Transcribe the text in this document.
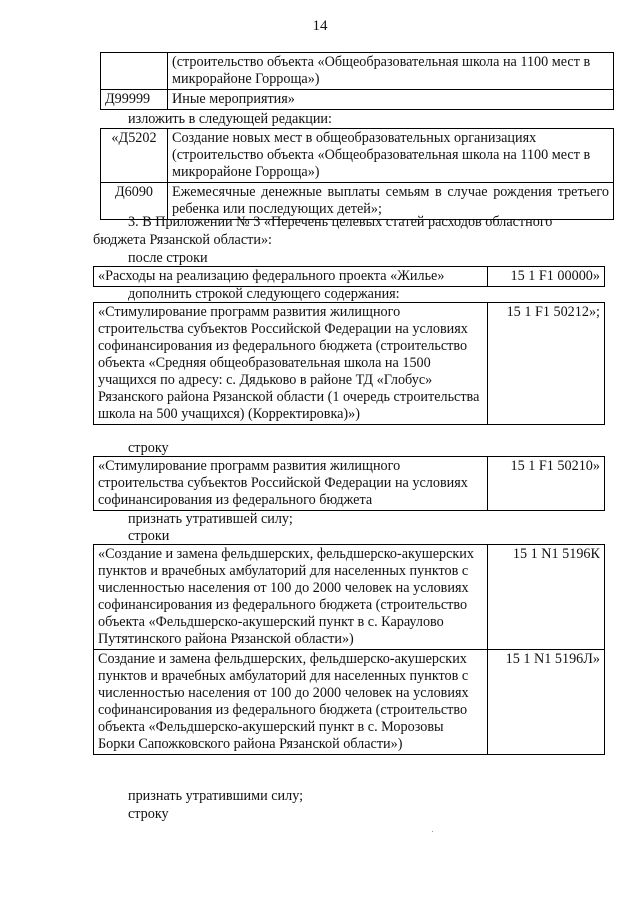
14
	(строительство объекта «Общеобразовательная школа на 1100 мест в микрорайоне Горроща»)
Д99999	Иные мероприятия»
изложить в следующей редакции:
«Д5202	Создание новых мест в общеобразовательных организациях (строительство объекта «Общеобразовательная школа на 1100 мест в микрорайоне Горроща»)
Д6090	Ежемесячные денежные выплаты семьям в случае рождения третьего ребенка или последующих детей»;
3. В Приложении № 3 «Перечень целевых статей расходов областного
бюджета Рязанской области»:
после строки
«Расходы на реализацию федерального проекта «Жилье»	15 1 F1 00000»
дополнить строкой следующего содержания:
«Стимулирование программ развития жилищного строительства субъектов Российской Федерации на условиях софинансирования из федерального бюджета (строительство объекта «Средняя общеобразовательная школа на 1500 учащихся по адресу: с. Дядьково в районе ТД «Глобус» Рязанского района Рязанской области (1 очередь строительства школа на 500 учащихся) (Корректировка)»)	15 1 F1 50212»;
строку
«Стимулирование программ развития жилищного строительства субъектов Российской Федерации на условиях софинансирования из федерального бюджета	15 1 F1 50210»
признать утратившей силу;
строки
«Создание и замена фельдшерских, фельдшерско-акушерских пунктов и врачебных амбулаторий для населенных пунктов с численностью населения от 100 до 2000 человек на условиях софинансирования из федерального бюджета (строительство объекта «Фельдшерско-акушерский пункт в с. Караулово Путятинского района Рязанской области»)	15 1 N1 5196К
Создание и замена фельдшерских, фельдшерско-акушерских пунктов и врачебных амбулаторий для населенных пунктов с численностью населения от 100 до 2000 человек на условиях софинансирования из федерального бюджета (строительство объекта «Фельдшерско-акушерский пункт в с. Морозовы Борки Сапожковского района Рязанской области»)	15 1 N1 5196Л»
признать утратившими силу;
строку
